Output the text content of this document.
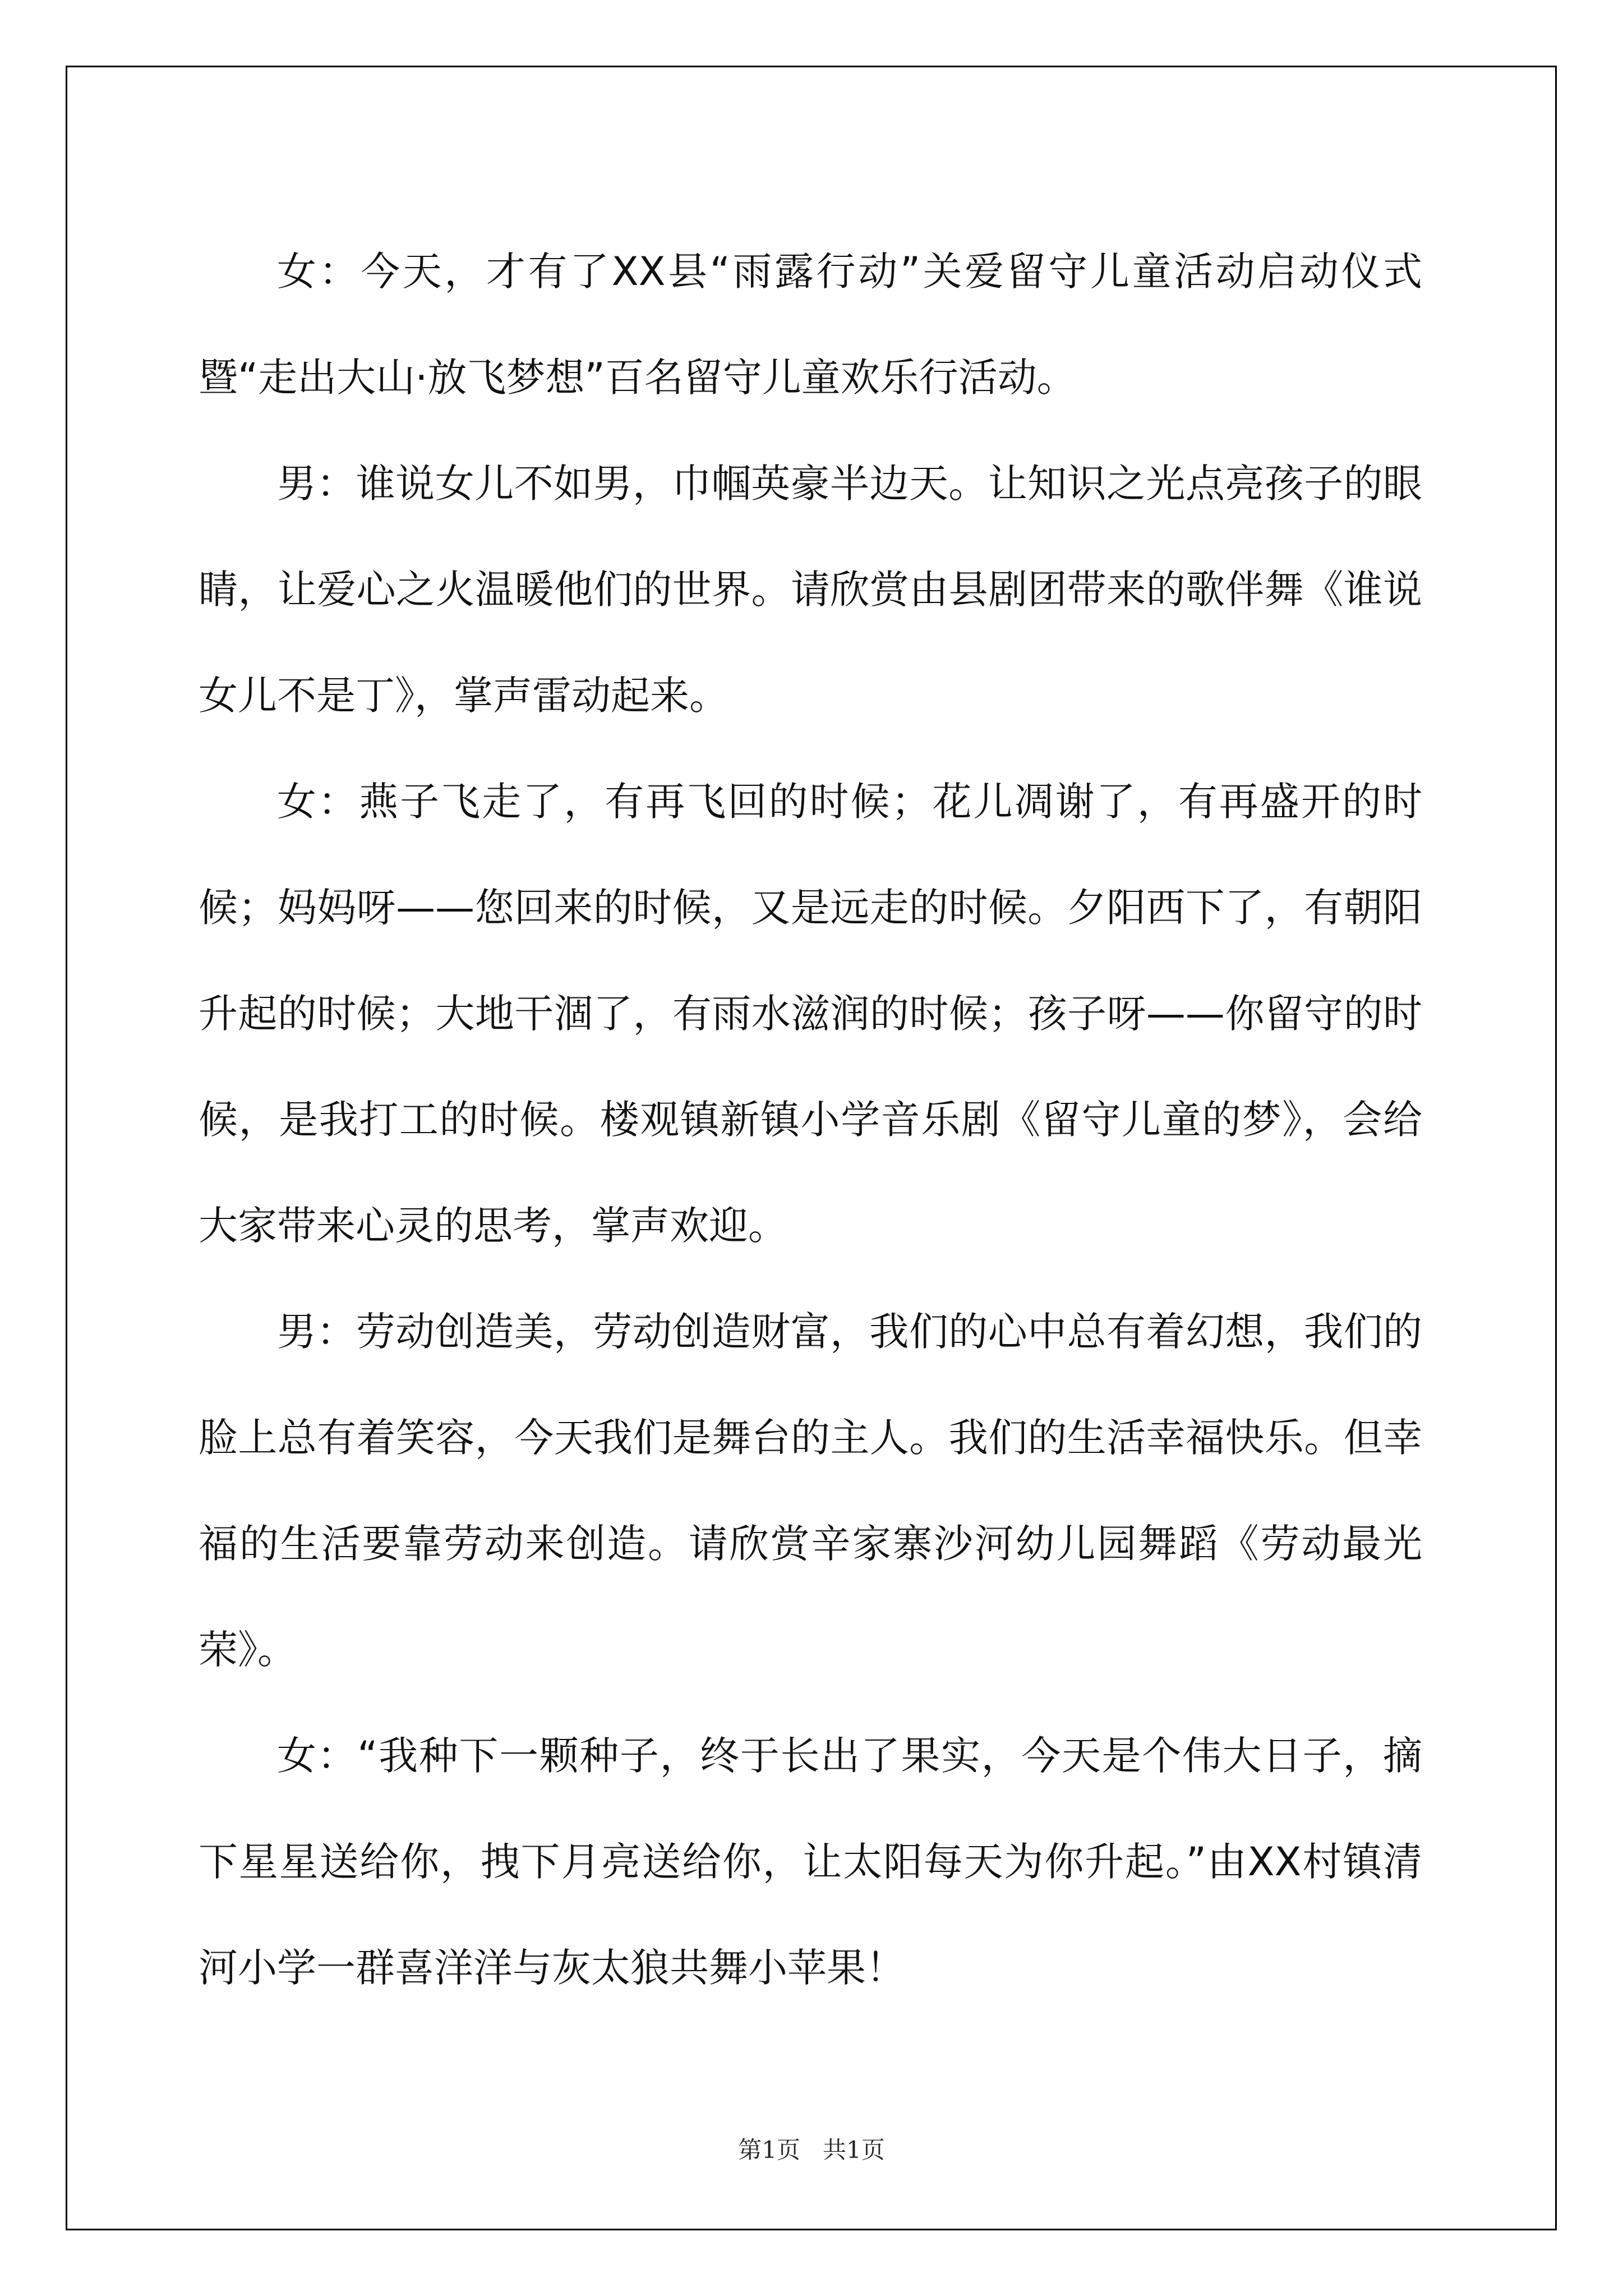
女：今天，才有了XX县“雨露行动”关爱留守儿童活动启动仪式暨“走出大山·放飞梦想”百名留守儿童欢乐行活动。

男：谁说女儿不如男，巾帼英豪半边天。让知识之光点亮孩子的眼睛，让爱心之火温暖他们的世界。请欣赏由县剧团带来的歌伴舞《谁说女儿不是丁》，掌声雷动起来。

女：燕子飞走了，有再飞回的时候；花儿凋谢了，有再盛开的时候；妈妈呀——您回来的时候，又是远走的时候。夕阳西下了，有朝阳升起的时候；大地干涸了，有雨水滋润的时候；孩子呀——你留守的时候，是我打工的时候。楼观镇新镇小学音乐剧《留守儿童的梦》，会给大家带来心灵的思考，掌声欢迎。

男：劳动创造美，劳动创造财富，我们的心中总有着幻想，我们的脸上总有着笑容，今天我们是舞台的主人。我们的生活幸福快乐。但幸福的生活要靠劳动来创造。请欣赏辛家寨沙河幼儿园舞蹈《劳动最光荣》。

女：“我种下一颗种子，终于长出了果实，今天是个伟大日子，摘下星星送给你，拽下月亮送给你，让太阳每天为你升起。”由XX村镇清河小学一群喜洋洋与灰太狼共舞小苹果！

第1页   共1页
